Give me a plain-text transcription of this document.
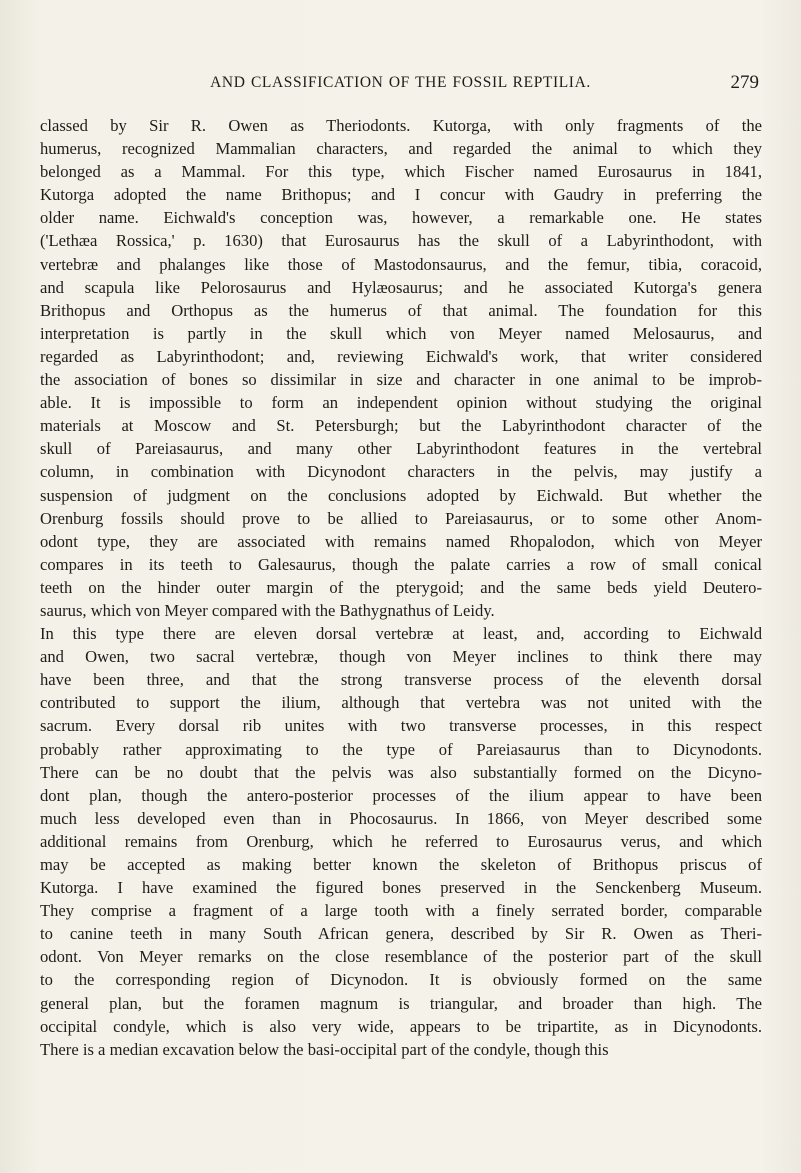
AND CLASSIFICATION OF THE FOSSIL REPTILIA.	279
classed by Sir R. Owen as Theriodonts. Kutorga, with only fragments of the
humerus, recognized Mammalian characters, and regarded the animal to which they
belonged as a Mammal. For this type, which Fischer named Eurosaurus in 1841,
Kutorga adopted the name Brithopus; and I concur with Gaudry in preferring the
older name. Eichwald's conception was, however, a remarkable one. He states
('Lethæa Rossica,' p. 1630) that Eurosaurus has the skull of a Labyrinthodont, with
vertebræ and phalanges like those of Mastodonsaurus, and the femur, tibia, coracoid,
and scapula like Pelorosaurus and Hylæosaurus; and he associated Kutorga's genera
Brithopus and Orthopus as the humerus of that animal. The foundation for this
interpretation is partly in the skull which von Meyer named Melosaurus, and
regarded as Labyrinthodont; and, reviewing Eichwald's work, that writer considered
the association of bones so dissimilar in size and character in one animal to be improb-
able. It is impossible to form an independent opinion without studying the original
materials at Moscow and St. Petersburgh; but the Labyrinthodont character of the
skull of Pareiasaurus, and many other Labyrinthodont features in the vertebral
column, in combination with Dicynodont characters in the pelvis, may justify a
suspension of judgment on the conclusions adopted by Eichwald. But whether the
Orenburg fossils should prove to be allied to Pareiasaurus, or to some other Anom-
odont type, they are associated with remains named Rhopalodon, which von Meyer
compares in its teeth to Galesaurus, though the palate carries a row of small conical
teeth on the hinder outer margin of the pterygoid; and the same beds yield Deutero-
saurus, which von Meyer compared with the Bathygnathus of Leidy.
In this type there are eleven dorsal vertebræ at least, and, according to Eichwald
and Owen, two sacral vertebræ, though von Meyer inclines to think there may
have been three, and that the strong transverse process of the eleventh dorsal
contributed to support the ilium, although that vertebra was not united with the
sacrum. Every dorsal rib unites with two transverse processes, in this respect
probably rather approximating to the type of Pareiasaurus than to Dicynodonts.
There can be no doubt that the pelvis was also substantially formed on the Dicyno-
dont plan, though the antero-posterior processes of the ilium appear to have been
much less developed even than in Phocosaurus. In 1866, von Meyer described some
additional remains from Orenburg, which he referred to Eurosaurus verus, and which
may be accepted as making better known the skeleton of Brithopus priscus of
Kutorga. I have examined the figured bones preserved in the Senckenberg Museum.
They comprise a fragment of a large tooth with a finely serrated border, comparable
to canine teeth in many South African genera, described by Sir R. Owen as Theri-
odont. Von Meyer remarks on the close resemblance of the posterior part of the skull
to the corresponding region of Dicynodon. It is obviously formed on the same
general plan, but the foramen magnum is triangular, and broader than high. The
occipital condyle, which is also very wide, appears to be tripartite, as in Dicynodonts.
There is a median excavation below the basi-occipital part of the condyle, though this
